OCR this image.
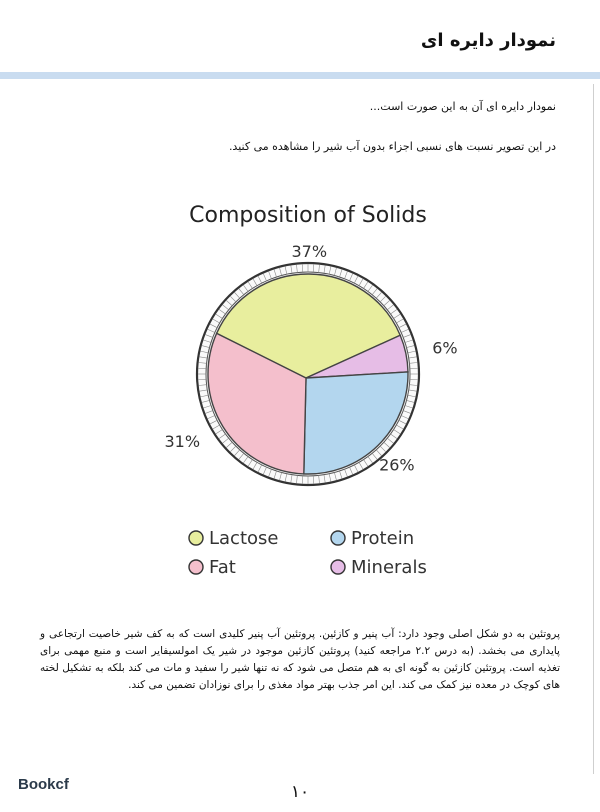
نمودار دایره ای
نمودار دایره ای آن به این صورت است...
در این تصویر نسبت های نسبی اجزاء بدون آب شیر را مشاهده می کنید.
Composition of Solids
37%
6%
26%
31%
Lactose	Protein
Fat	Minerals
پروتئین به دو شکل اصلی وجود دارد: آب پنیر و کازئین. پروتئین آب پنیر کلیدی است که به کف شیر خاصیت ارتجاعی و پایداری می بخشد. (به درس ۲.۲ مراجعه کنید) پروتئین کازئین موجود در شیر یک امولسیفایر است و منبع مهمی برای تغذیه است. پروتئین کازئین به گونه ای به هم متصل می شود که نه تنها شیر را سفید و مات می کند بلکه به تشکیل لخته های کوچک در معده نیز کمک می کند. این امر جذب بهتر مواد مغذی را برای نوزادان تضمین می کند.
Bookcf	۱۰
